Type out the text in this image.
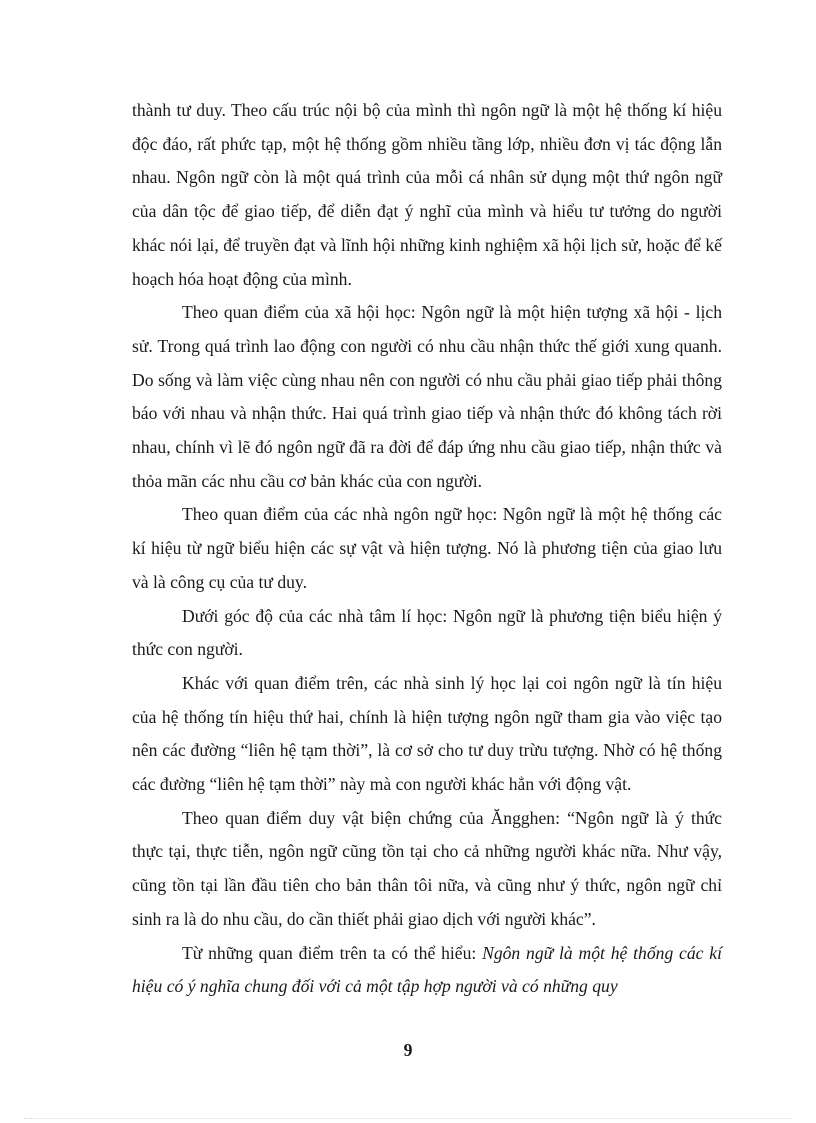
thành tư duy. Theo cấu trúc nội bộ của mình thì ngôn ngữ là một hệ thống kí hiệu độc đáo, rất phức tạp, một hệ thống gồm nhiều tầng lớp, nhiều đơn vị tác động lẫn nhau. Ngôn ngữ còn là một quá trình của mỗi cá nhân sử dụng một thứ ngôn ngữ của dân tộc để giao tiếp, để diễn đạt ý nghĩ của mình và hiểu tư tưởng do người khác nói lại, để truyền đạt và lĩnh hội những kinh nghiệm xã hội lịch sử, hoặc để kế hoạch hóa hoạt động của mình.

Theo quan điểm của xã hội học: Ngôn ngữ là một hiện tượng xã hội - lịch sử. Trong quá trình lao động con người có nhu cầu nhận thức thế giới xung quanh. Do sống và làm việc cùng nhau nên con người có nhu cầu phải giao tiếp phải thông báo với nhau và nhận thức. Hai quá trình giao tiếp và nhận thức đó không tách rời nhau, chính vì lẽ đó ngôn ngữ đã ra đời để đáp ứng nhu cầu giao tiếp, nhận thức và thỏa mãn các nhu cầu cơ bản khác của con người.

Theo quan điểm của các nhà ngôn ngữ học: Ngôn ngữ là một hệ thống các kí hiệu từ ngữ biểu hiện các sự vật và hiện tượng. Nó là phương tiện của giao lưu và là công cụ của tư duy.

Dưới góc độ của các nhà tâm lí học: Ngôn ngữ là phương tiện biểu hiện ý thức con người.

Khác với quan điểm trên, các nhà sinh lý học lại coi ngôn ngữ là tín hiệu của hệ thống tín hiệu thứ hai, chính là hiện tượng ngôn ngữ tham gia vào việc tạo nên các đường “liên hệ tạm thời”, là cơ sở cho tư duy trừu tượng. Nhờ có hệ thống các đường “liên hệ tạm thời” này mà con người khác hẳn với động vật.

Theo quan điểm duy vật biện chứng của Ăngghen: “Ngôn ngữ là ý thức thực tại, thực tiễn, ngôn ngữ cũng tồn tại cho cả những người khác nữa. Như vậy, cũng tồn tại lần đầu tiên cho bản thân tôi nữa, và cũng như ý thức, ngôn ngữ chỉ sinh ra là do nhu cầu, do cần thiết phải giao dịch với người khác”.

Từ những quan điểm trên ta có thể hiểu: Ngôn ngữ là một hệ thống các kí hiệu có ý nghĩa chung đối với cả một tập hợp người và có những quy

9
